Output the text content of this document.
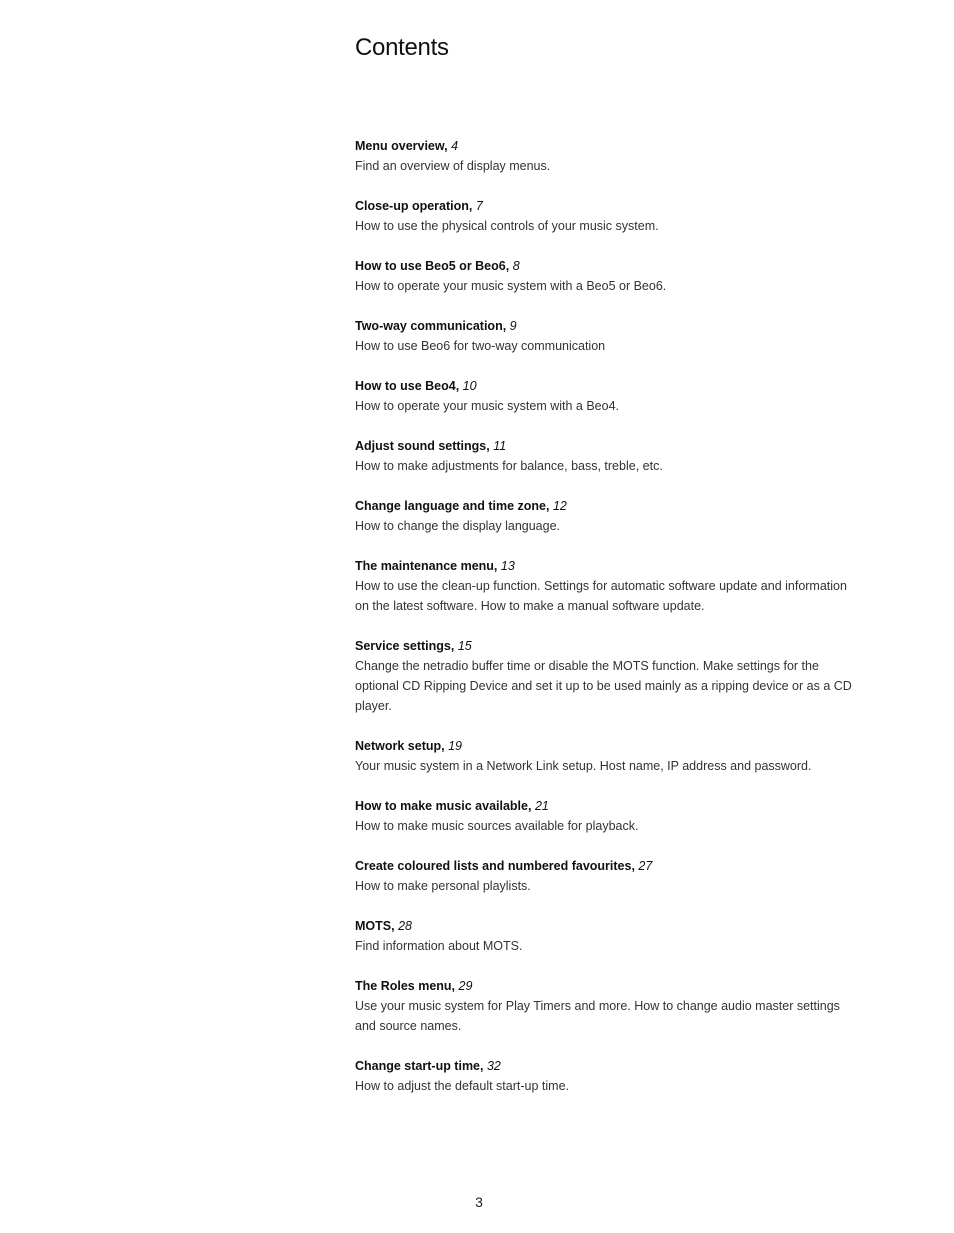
Contents
Menu overview, 4

Find an overview of display menus.

Close-up operation, 7

How to use the physical controls of your music system.

How to use Beo5 or Beo6, 8

How to operate your music system with a Beo5 or Beo6.

Two-way communication, 9

How to use Beo6 for two-way communication

How to use Beo4, 10

How to operate your music system with a Beo4.

Adjust sound settings, 11

How to make adjustments for balance, bass, treble, etc.

Change language and time zone, 12

How to change the display language.

The maintenance menu, 13

How to use the clean-up function. Settings for automatic software update and information on the latest software. How to make a manual software update.

Service settings, 15

Change the netradio buffer time or disable the MOTS function. Make settings for the optional CD Ripping Device and set it up to be used mainly as a ripping device or as a CD player.

Network setup, 19

Your music system in a Network Link setup. Host name, IP address and password.

How to make music available, 21

How to make music sources available for playback.

Create coloured lists and numbered favourites, 27

How to make personal playlists.

MOTS, 28

Find information about MOTS.

The Roles menu, 29

Use your music system for Play Timers and more. How to change audio master settings and source names.

Change start-up time, 32

How to adjust the default start-up time.

3
